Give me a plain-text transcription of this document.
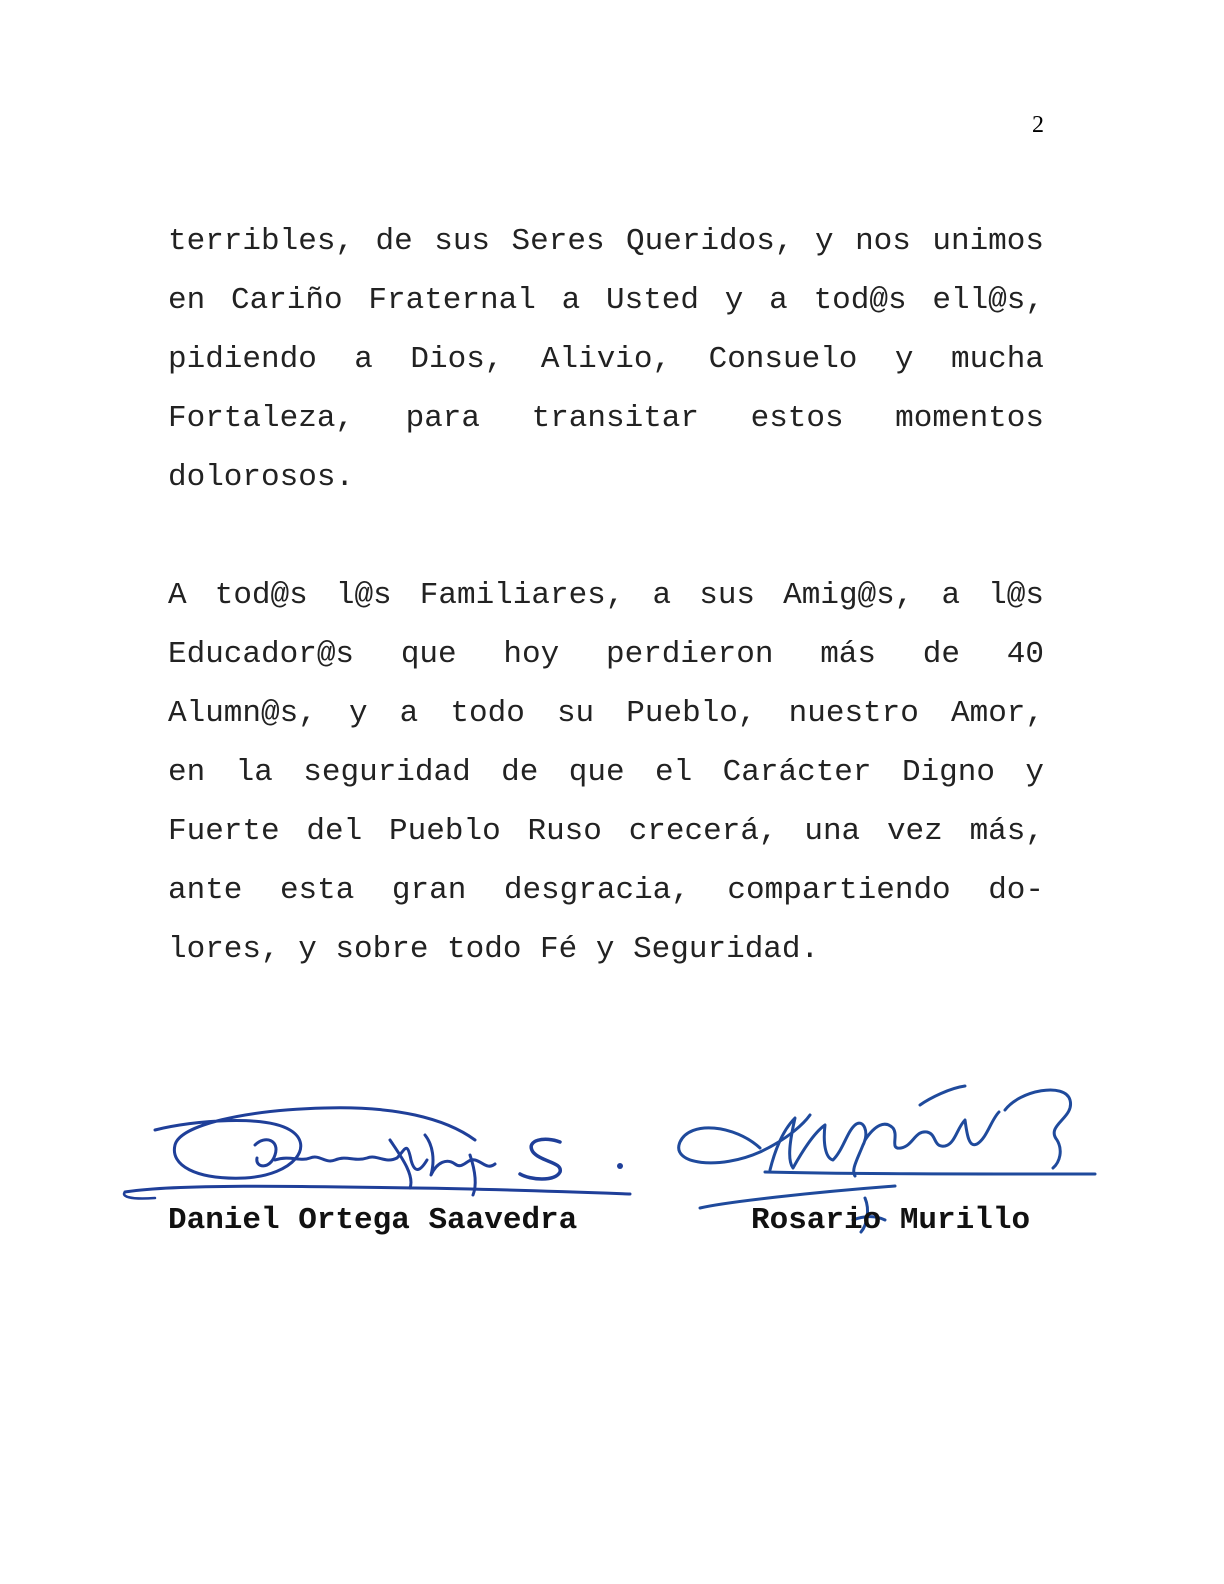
2
terribles, de sus Seres Queridos, y nos unimos
en Cariño Fraternal a Usted y a tod@s ell@s,
pidiendo a Dios, Alivio, Consuelo y mucha
Fortaleza, para transitar estos momentos
dolorosos.
A tod@s l@s Familiares, a sus Amig@s, a l@s
Educador@s que hoy perdieron más de 40
Alumn@s, y a todo su Pueblo, nuestro Amor,
en la seguridad de que el Carácter Digno y
Fuerte del Pueblo Ruso crecerá, una vez más,
ante esta gran desgracia, compartiendo do-
lores, y sobre todo Fé y Seguridad.
Daniel Ortega Saavedra	Rosario Murillo
